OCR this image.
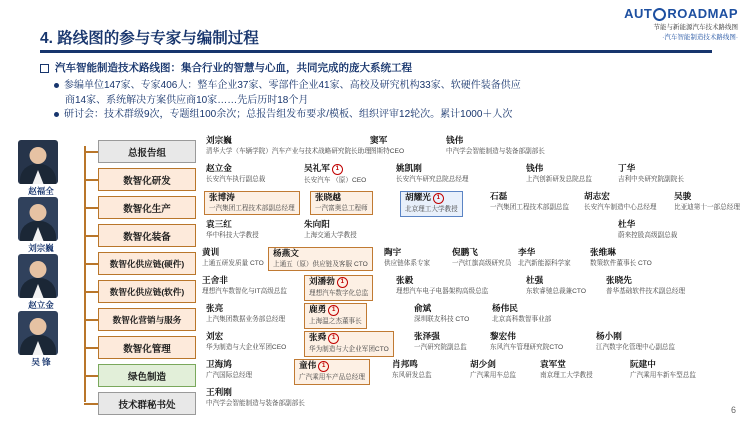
AUT ROADMAP
节能与新能源汽车技术路线图
·汽车智能制造技术路线图·
4. 路线图的参与专家与编制过程
汽车智能制造技术路线图：集合行业的智慧与心血，共同完成的庞大系统工程
参编单位147家、专家406人：整车企业37家、零部件企业41家、高校及研究机构33家、软硬件装备供应
商14家、系统解决方案供应商10家……先后历时18个月
研讨会：技术群级9次，专题组100余次；总报告组发布要求/模板、组织评审12轮次。累计1000＋人次
赵福全
刘宗巍
赵立金
吴 锋
总报告组
刘宗巍
清华大学（车辆学院）汽车产业与技术战略研究院长助理
窦军
图斯特CEO
钱伟
中汽学会智能制造与装备部副部长
数智化研发
赵立金
长安汽车执行副总裁
吴礼军 1
长安汽车 （原）CEO
姚凯刚
长安汽车研究总院总经理
钱伟
上汽创新研发总院总监
丁华
吉利中央研究院副院长
数智化生产
张博涛
一汽集团工程技术部副总经理
张晓越
一汽富奥总工程师
胡耀光 1
北京理工大学教授
石磊
一汽集团工程技术部副总监
胡志宏
长安汽车制造中心总经理
吴骏
比亚迪第十一部总经理
数智化装备
袁三红
华中科技大学教授
朱向阳
上海交通大学教授
杜华
蔚来控股高级副总裁
数智化供应链(硬件)
黄训
上通五研发质量 CTO
杨燕文
上通五（原）供应链及客服 CTO
陶宇
供应链体系专家
倪鹏飞
一汽红旗高级研究员
李华
北汽新能源科学家
张维琳
数策软件董事长 CTO
数智化供应链(软件)
王舍非
理想汽车数智化与IT高级总监
刘潘勃 1
理想汽车数字化总监
张毅
理想汽车电子电器架构高级总监
杜强
东软睿驰总裁兼CTO
张晓先
普华基础软件技术副总经理
数智化营销与服务
张亮
上汽集团数据业务部总经理
鹿勇 1
上海温之杰董事长
俞斌
深圳联友科技 CTO
杨伟民
北京高科数智事业部
数智化管理
刘宏
华为制造与大企业军团CEO
张舜 1
华为制造与大企业军团CTO
张泽强
一汽研究院副总监
黎宏伟
东风汽车管理研究院CTO
杨小刚
江汽数字化管理中心副总监
绿色制造
卫海鸠
广汽国际总经理
童伟 1
广汽乘用车产品总经理
肖邦鸣
东风研发总监
胡少剑
广汽乘用车总监
袁军堂
南京理工大学教授
阮建中
广汽乘用车新车型总监
技术群秘书处
王利刚
中汽学会智能制造与装备部副部长
6
